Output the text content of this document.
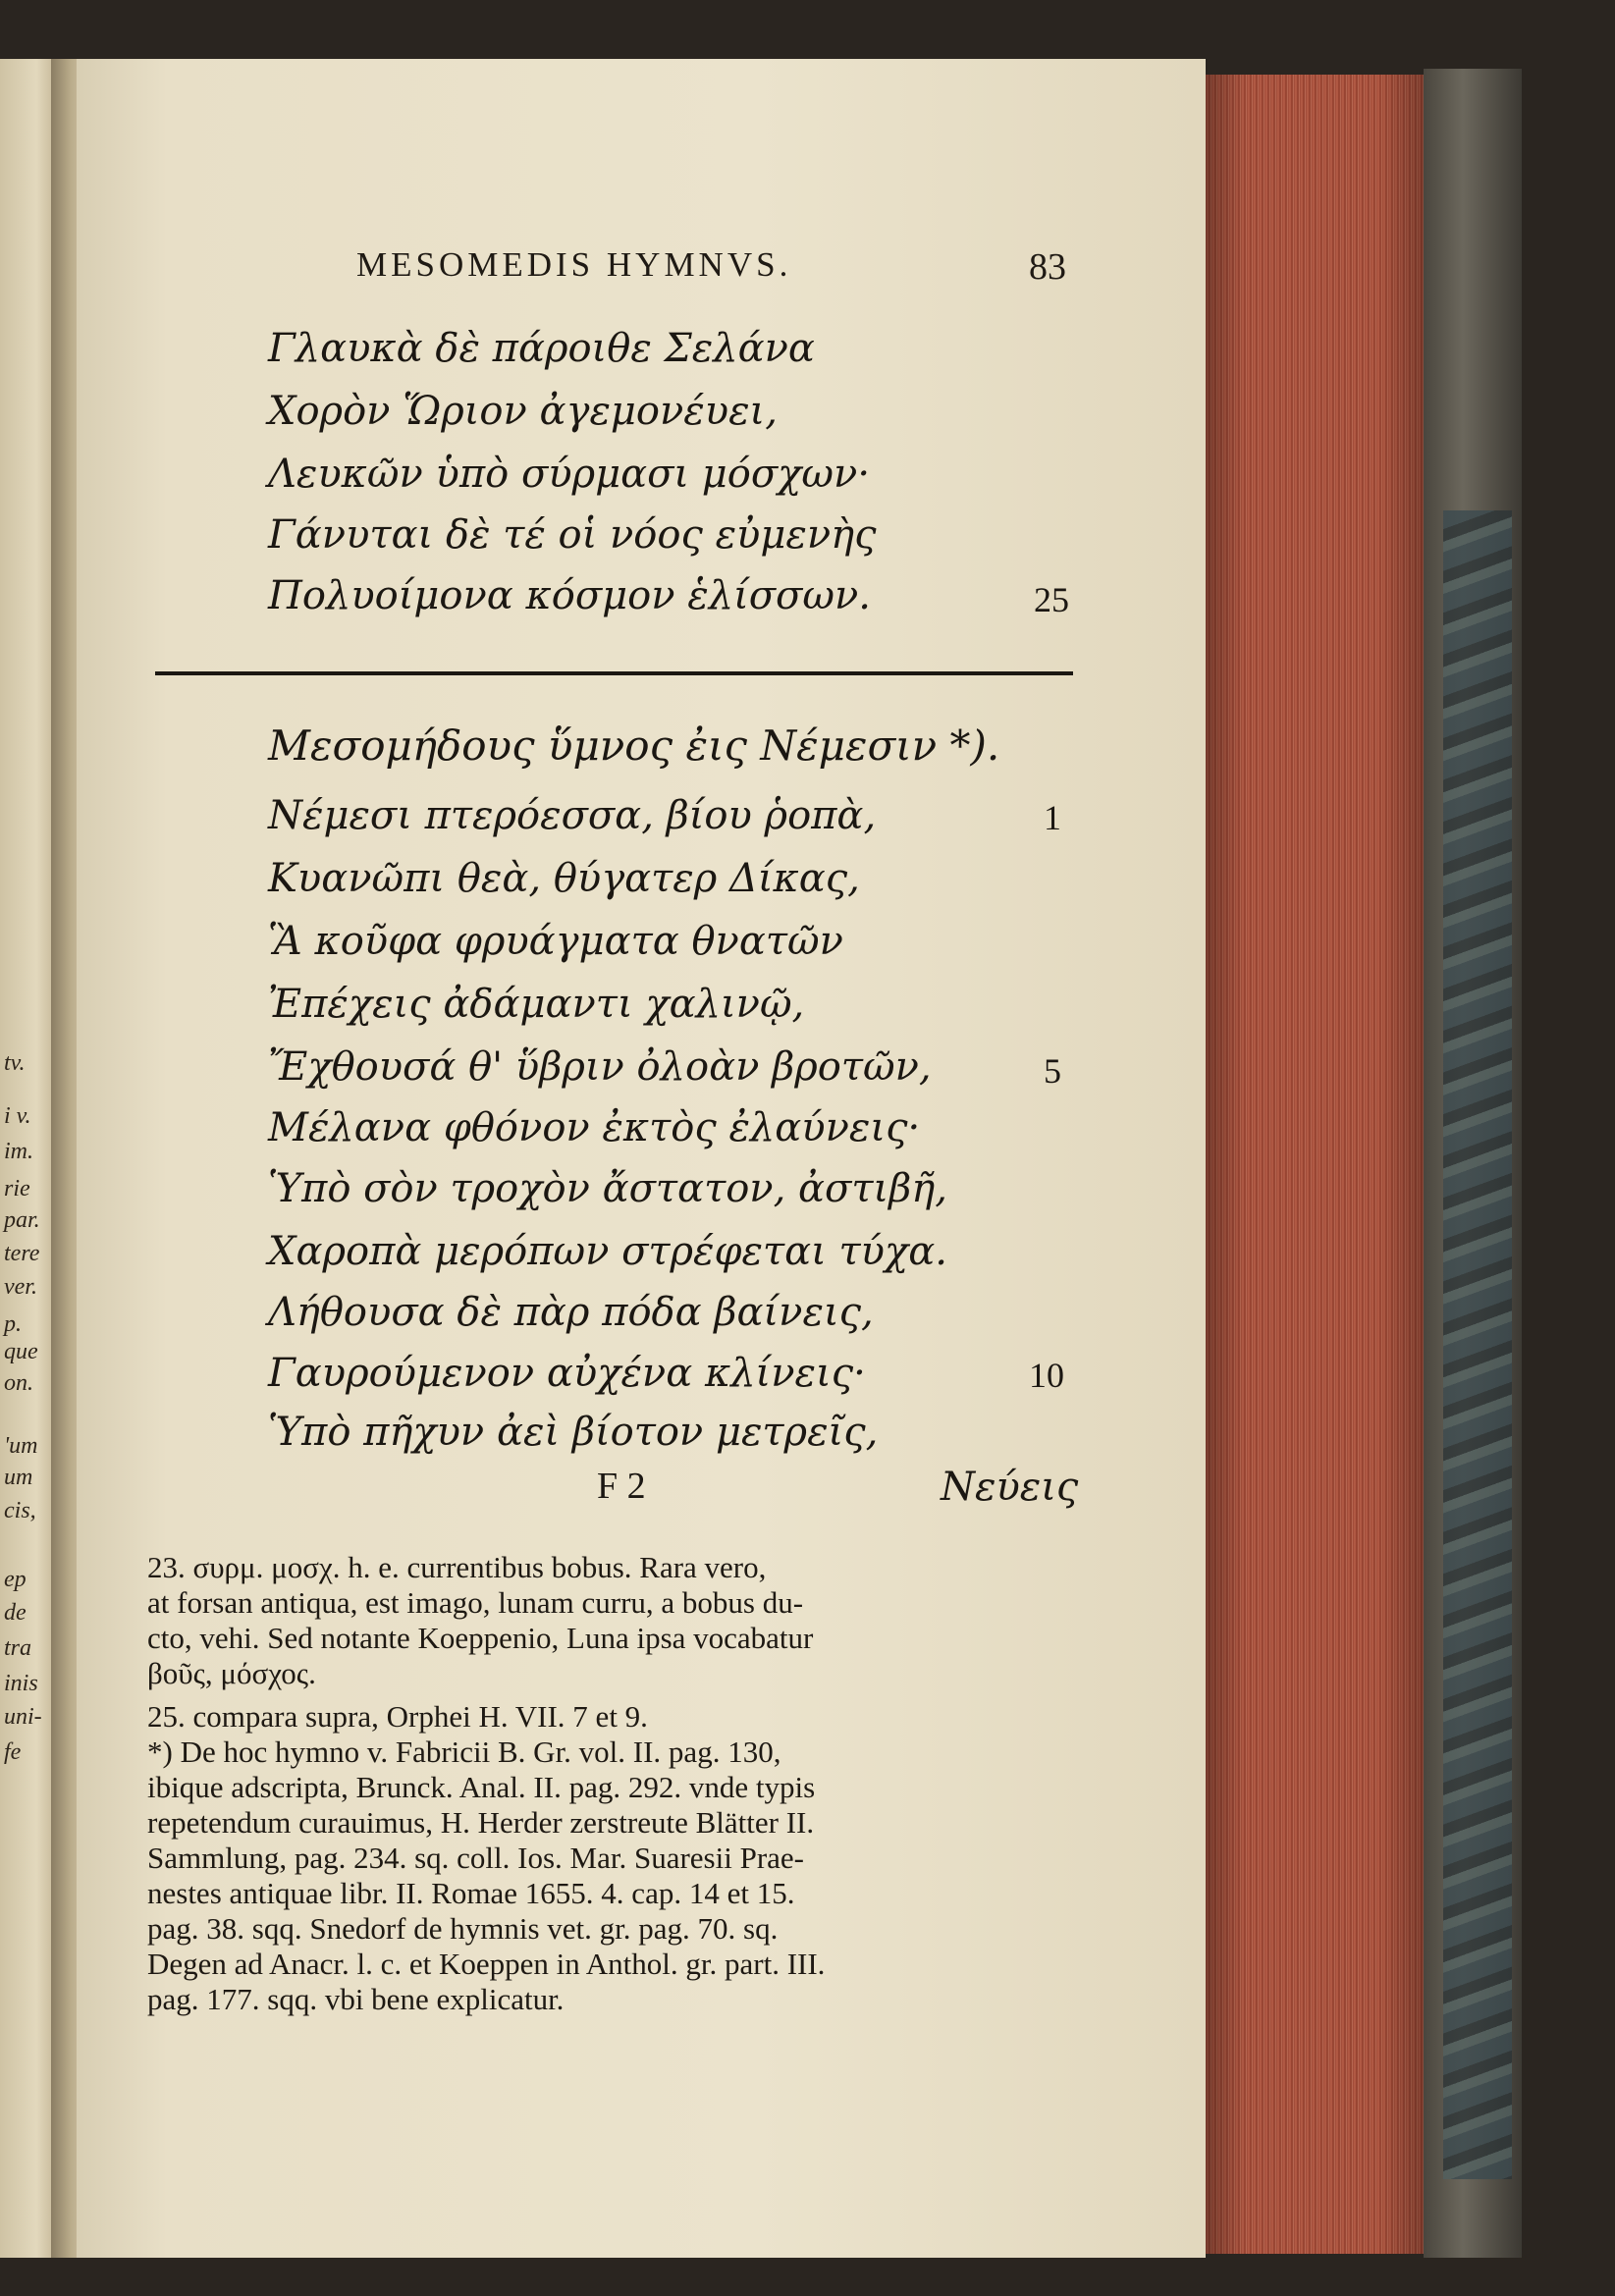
tv.
i v.
im.
rie
par.
tere
ver.
p.
que
on.
'um
um
cis,
ep
de
tra
inis
uni-
fe
MESOMEDIS HYMNVS.	83
Γλαυκὰ δὲ πάροιθε Σελάνα
Χορὸν Ὥριον ἀγεμονέυει,
Λευκῶν ὑπὸ σύρμασι μόσχων·
Γάνυται δὲ τέ οἱ νόος εὐμενὴς
Πολυοίμονα κόσμον ἑλίσσων.	25
Μεσομήδους ὕμνος ἐις Νέμεσιν *).
Νέμεσι πτερόεσσα, βίου ῥοπὰ,	1
Κυανῶπι θεὰ, θύγατερ Δίκας,
Ἃ κοῦφα φρυάγματα θνατῶν
Ἐπέχεις ἀδάμαντι χαλινῷ,
Ἔχθουσά θ' ὕβριν ὀλοὰν βροτῶν,	5
Μέλανα φθόνον ἐκτὸς ἐλαύνεις·
Ὑπὸ σὸν τροχὸν ἄστατον, ἀστιβῆ,
Χαροπὰ μερόπων στρέφεται τύχα.
Λήθουσα δὲ πὰρ πόδα βαίνεις,
Γαυρούμενον αὐχένα κλίνεις·	10
Ὑπὸ πῆχυν ἀεὶ βίοτον μετρεῖς,
F 2	Νεύεις
23. συρμ. μοσχ. h. e. currentibus bobus. Rara vero,
at forsan antiqua, est imago, lunam curru, a bobus du-
cto, vehi. Sed notante Koeppenio, Luna ipsa vocabatur
βοῦς, μόσχος.
25. compara supra, Orphei H. VII. 7 et 9.
*) De hoc hymno v. Fabricii B. Gr. vol. II. pag. 130,
ibique adscripta, Brunck. Anal. II. pag. 292. vnde typis
repetendum curauimus, H. Herder zerstreute Blätter II.
Sammlung, pag. 234. sq. coll. Ios. Mar. Suaresii Prae-
nestes antiquae libr. II. Romae 1655. 4. cap. 14 et 15.
pag. 38. sqq. Snedorf de hymnis vet. gr. pag. 70. sq.
Degen ad Anacr. l. c. et Koeppen in Anthol. gr. part. III.
pag. 177. sqq. vbi bene explicatur.
